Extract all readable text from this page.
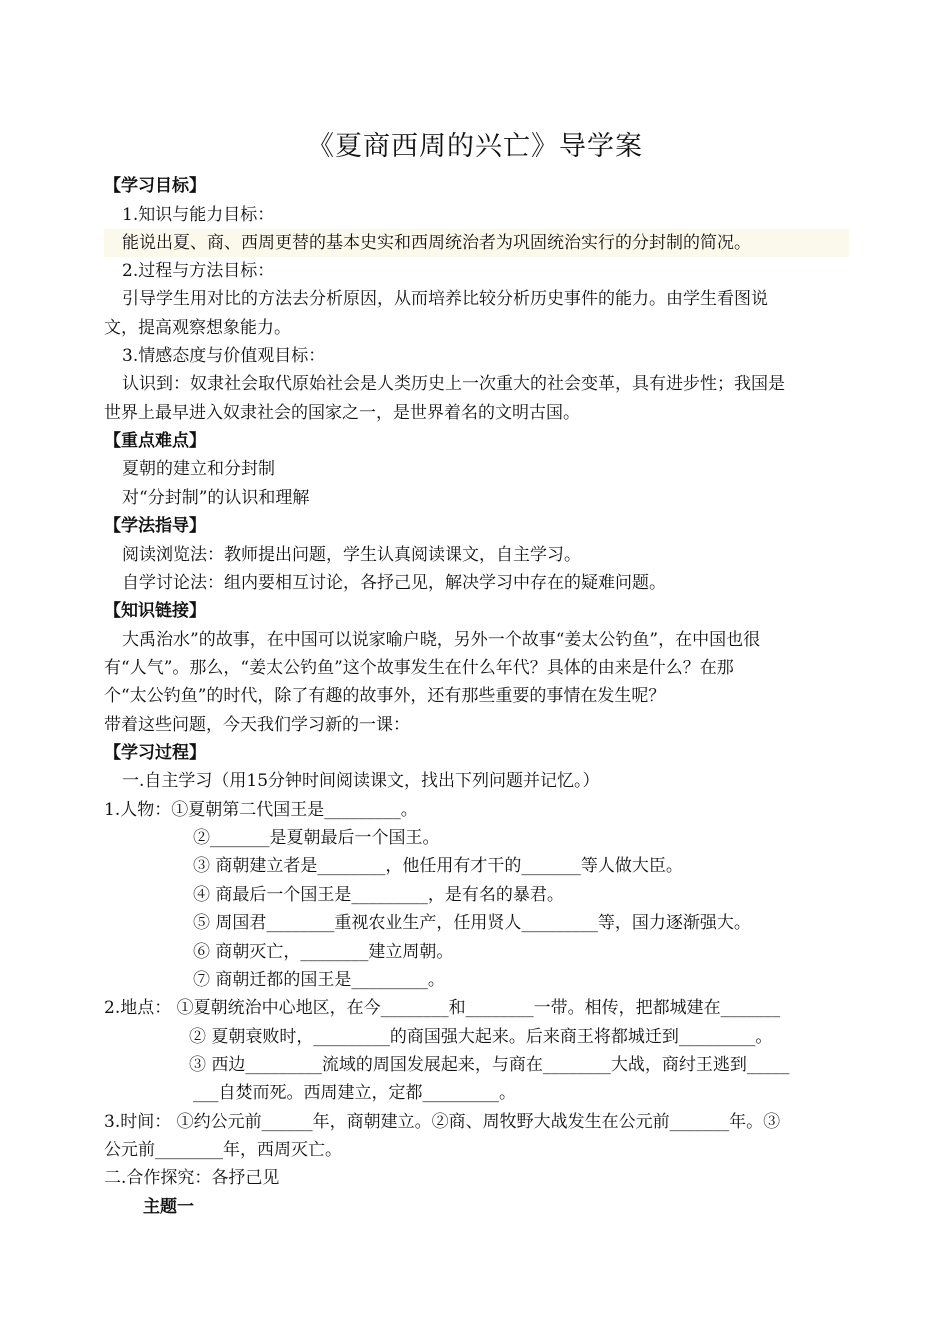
《夏商西周的兴亡》导学案
【学习目标】
1.知识与能力目标：
能说出夏、商、西周更替的基本史实和西周统治者为巩固统治实行的分封制的简况。
2.过程与方法目标：
引导学生用对比的方法去分析原因，从而培养比较分析历史事件的能力。由学生看图说
文，提高观察想象能力。
3.情感态度与价值观目标：
认识到：奴隶社会取代原始社会是人类历史上一次重大的社会变革，具有进步性；我国是
世界上最早进入奴隶社会的国家之一，是世界着名的文明古国。
【重点难点】
夏朝的建立和分封制
对“分封制”的认识和理解
【学法指导】
阅读浏览法：教师提出问题，学生认真阅读课文，自主学习。
自学讨论法：组内要相互讨论，各抒己见，解决学习中存在的疑难问题。
【知识链接】
大禹治水”的故事，在中国可以说家喻户晓，另外一个故事“姜太公钓鱼”，在中国也很
有“人气”。那么，“姜太公钓鱼”这个故事发生在什么年代？具体的由来是什么？在那
个“太公钓鱼”的时代，除了有趣的故事外，还有那些重要的事情在发生呢？
带着这些问题，今天我们学习新的一课：
【学习过程】
一.自主学习（用15分钟时间阅读课文，找出下列问题并记忆。）
1.人物：①夏朝第二代国王是_________。
②_______是夏朝最后一个国王。
③ 商朝建立者是________，他任用有才干的_______等人做大臣。
④ 商最后一个国王是_________，是有名的暴君。
⑤ 周国君________重视农业生产，任用贤人_________等，国力逐渐强大。
⑥ 商朝灭亡，________建立周朝。
⑦ 商朝迁都的国王是_________。
2.地点： ①夏朝统治中心地区，在今________和________一带。相传，把都城建在_______
② 夏朝衰败时，_________的商国强大起来。后来商王将都城迁到_________。
③ 西边_________流域的周国发展起来，与商在________大战，商纣王逃到_____
___自焚而死。西周建立，定都_________。
3.时间： ①约公元前______年，商朝建立。②商、周牧野大战发生在公元前_______年。③
公元前________年，西周灭亡。
二.合作探究：各抒己见
主题一
